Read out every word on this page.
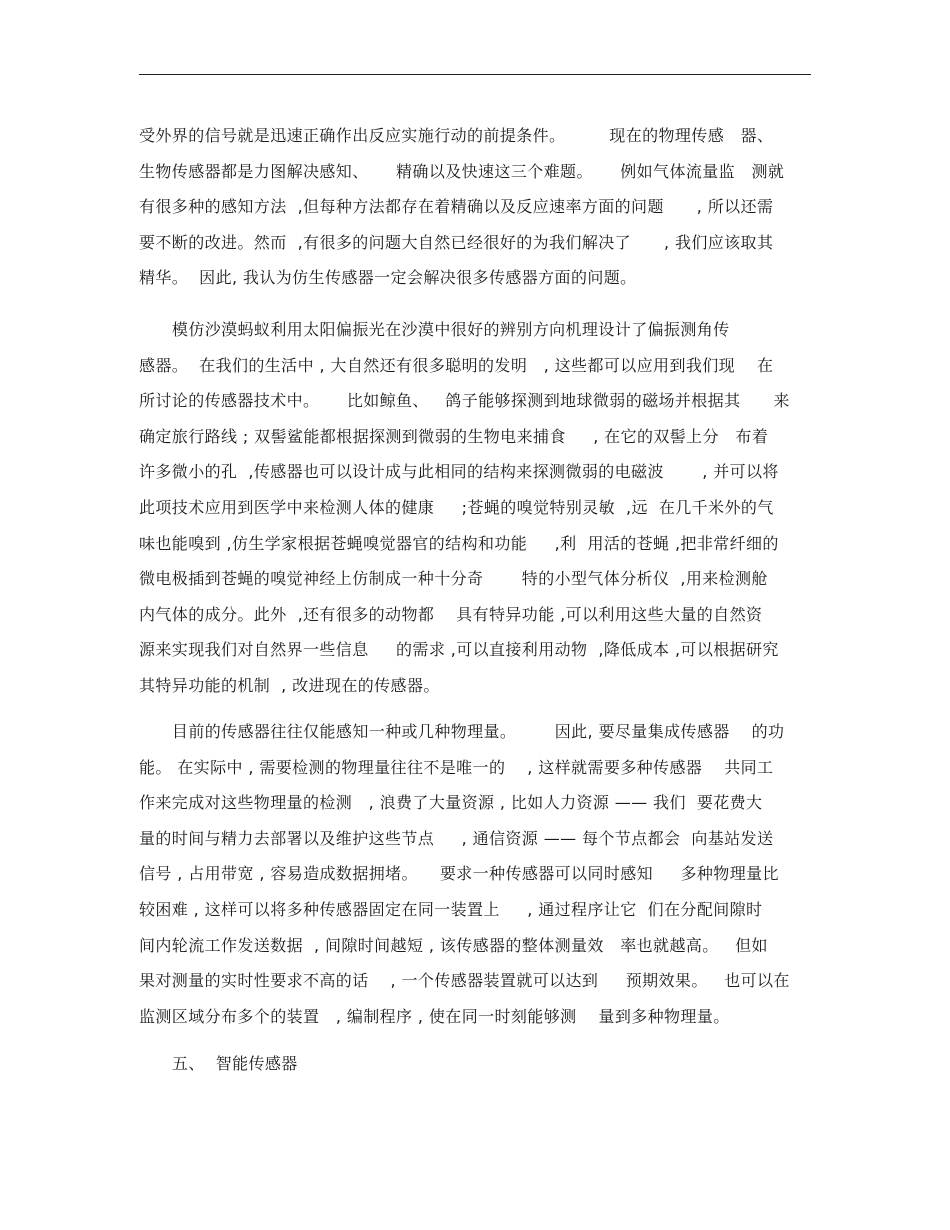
受外界的信号就是迅速正确作出反应实施行动的前提条件。        现在的物理传感   器、
生物传感器都是力图解决感知、     精确以及快速这三个难题。     例如气体流量监   测就
有很多种的感知方法  ,但每种方法都存在着精确以及反应速率方面的问题      , 所以还需
要不断的改进。然而  ,有很多的问题大自然已经很好的为我们解决了      , 我们应该取其
精华。  因此, 我认为仿生传感器一定会解决很多传感器方面的问题。
模仿沙漠蚂蚁利用太阳偏振光在沙漠中很好的辨别方向机理设计了偏振测角传
感器。  在我们的生活中 , 大自然还有很多聪明的发明   , 这些都可以应用到我们现    在
所讨论的传感器技术中。     比如鲸鱼、   鸽子能够探测到地球微弱的磁场并根据其      来
确定旅行路线 ; 双髻鲨能都根据探测到微弱的生物电来捕食     , 在它的双髻上分   布着
许多微小的孔  ,传感器也可以设计成与此相同的结构来探测微弱的电磁波       , 并可以将
此项技术应用到医学中来检测人体的健康     ;苍蝇的嗅觉特别灵敏  ,远  在几千米外的气
味也能嗅到 ,仿生学家根据苍蝇嗅觉器官的结构和功能     ,利  用活的苍蝇 ,把非常纤细的
微电极插到苍蝇的嗅觉神经上仿制成一种十分奇       特的小型气体分析仪  ,用来检测舱
内气体的成分。此外  ,还有很多的动物都    具有特异功能 ,可以利用这些大量的自然资
源来实现我们对自然界一些信息     的需求 ,可以直接利用动物  ,降低成本 ,可以根据研究
其特异功能的机制  , 改进现在的传感器。
目前的传感器往往仅能感知一种或几种物理量。       因此, 要尽量集成传感器    的功
能。 在实际中 , 需要检测的物理量往往不是唯一的    , 这样就需要多种传感器    共同工
作来完成对这些物理量的检测   , 浪费了大量资源 , 比如人力资源 —— 我们  要花费大
量的时间与精力去部署以及维护这些节点     , 通信资源 —— 每个节点都会  向基站发送
信号 , 占用带宽 , 容易造成数据拥堵。    要求一种传感器可以同时感知     多种物理量比
较困难 , 这样可以将多种传感器固定在同一装置上     , 通过程序让它  们在分配间隙时
间内轮流工作发送数据  , 间隙时间越短 , 该传感器的整体测量效   率也就越高。   但如
果对测量的实时性要求不高的话    , 一个传感器装置就可以达到     预期效果。   也可以在
监测区域分布多个的装置   , 编制程序 , 使在同一时刻能够测    量到多种物理量。
五、  智能传感器
